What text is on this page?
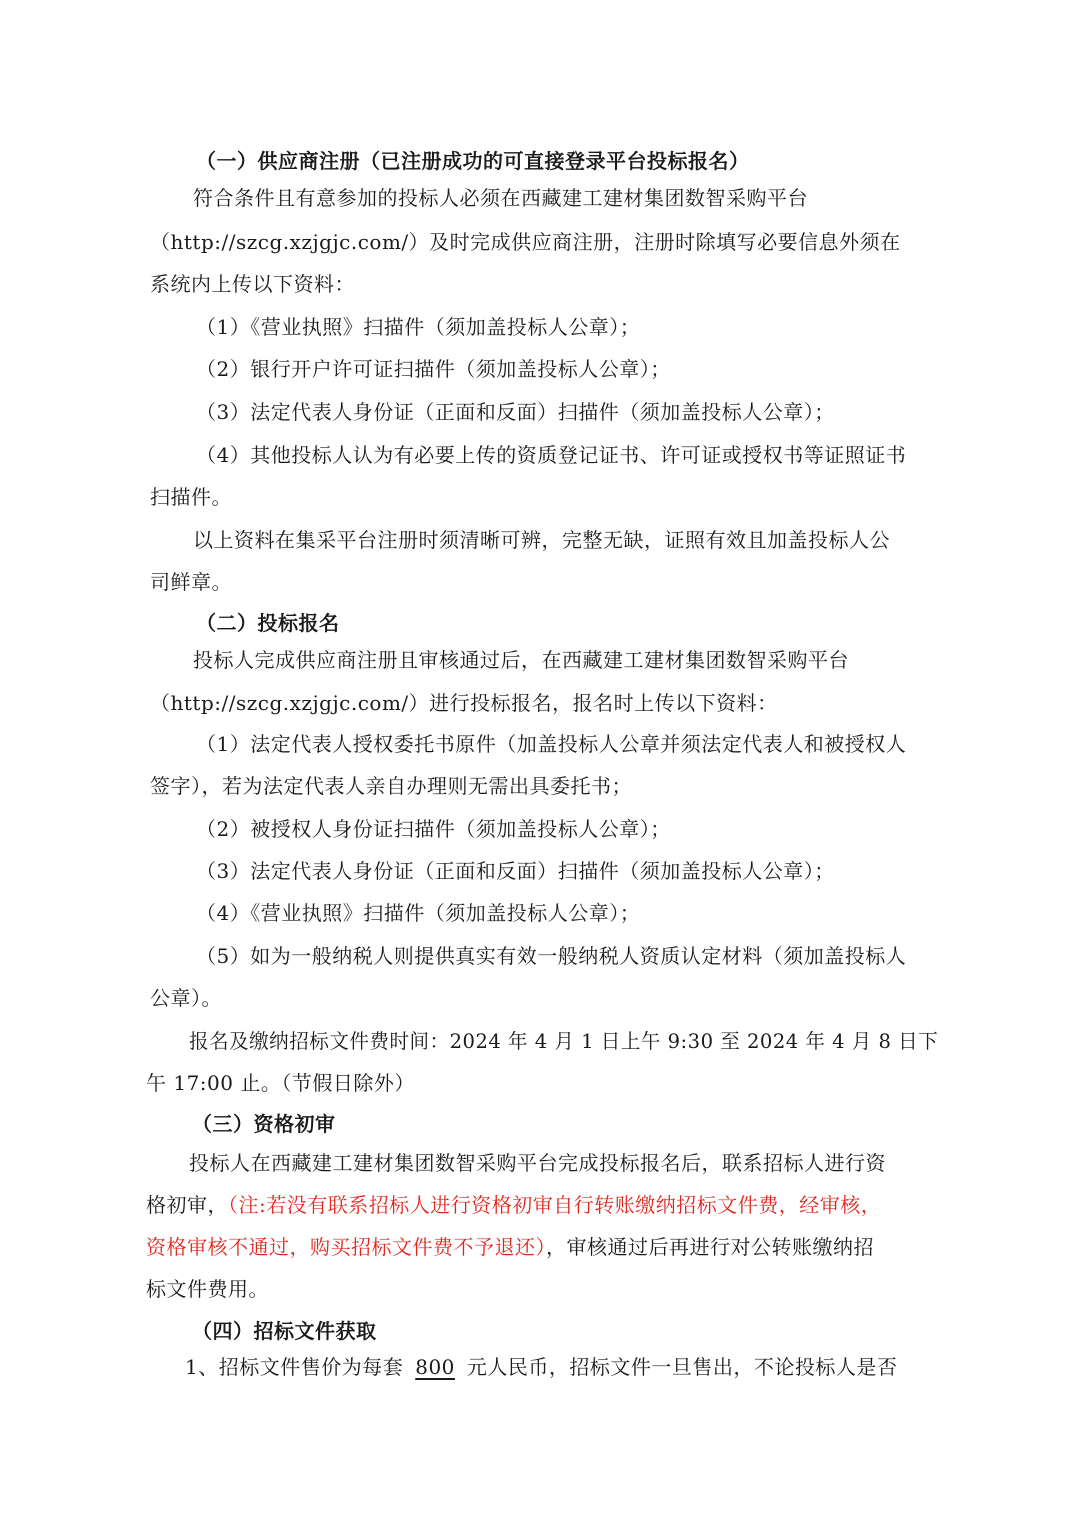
（一）供应商注册（已注册成功的可直接登录平台投标报名）
符合条件且有意参加的投标人必须在西藏建工建材集团数智采购平台
（http://szcg.xzjgjc.com/）及时完成供应商注册，注册时除填写必要信息外须在
系统内上传以下资料：
（1）《营业执照》扫描件（须加盖投标人公章）；
（2）银行开户许可证扫描件（须加盖投标人公章）；
（3）法定代表人身份证（正面和反面）扫描件（须加盖投标人公章）；
（4）其他投标人认为有必要上传的资质登记证书、许可证或授权书等证照证书
扫描件。
以上资料在集采平台注册时须清晰可辨，完整无缺，证照有效且加盖投标人公
司鲜章。
（二）投标报名
投标人完成供应商注册且审核通过后，在西藏建工建材集团数智采购平台
（http://szcg.xzjgjc.com/）进行投标报名，报名时上传以下资料：
（1）法定代表人授权委托书原件（加盖投标人公章并须法定代表人和被授权人
签字），若为法定代表人亲自办理则无需出具委托书；
（2）被授权人身份证扫描件（须加盖投标人公章）；
（3）法定代表人身份证（正面和反面）扫描件（须加盖投标人公章）；
（4）《营业执照》扫描件（须加盖投标人公章）；
（5）如为一般纳税人则提供真实有效一般纳税人资质认定材料（须加盖投标人
公章）。
报名及缴纳招标文件费时间：2024 年 4 月 1 日上午 9:30 至 2024 年 4 月 8 日下
午 17:00 止。（节假日除外）
（三）资格初审
投标人在西藏建工建材集团数智采购平台完成投标报名后，联系招标人进行资
格初审，（注:若没有联系招标人进行资格初审自行转账缴纳招标文件费，经审核，
资格审核不通过，购买招标文件费不予退还），审核通过后再进行对公转账缴纳招
标文件费用。
（四）招标文件获取
1、招标文件售价为每套 800 元人民币，招标文件一旦售出，不论投标人是否
